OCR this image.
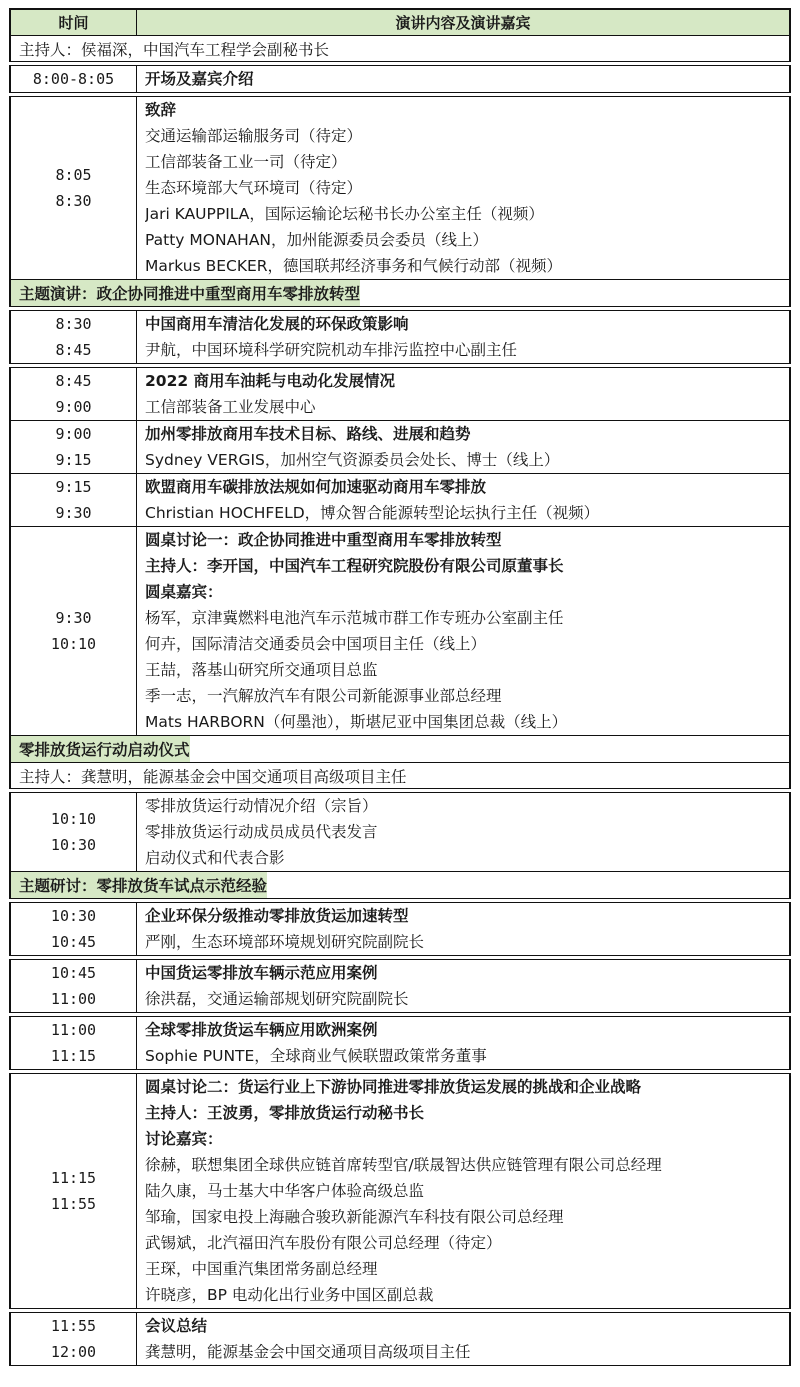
时间	演讲内容及演讲嘉宾
主持人：侯福深，中国汽车工程学会副秘书长
8:00-8:05 开场及嘉宾介绍
8:05
8:30
致辞
交通运输部运输服务司（待定）
工信部装备工业一司（待定）
生态环境部大气环境司（待定）
Jari KAUPPILA，国际运输论坛秘书长办公室主任（视频）
Patty MONAHAN，加州能源委员会委员（线上）
Markus BECKER，德国联邦经济事务和气候行动部（视频）
主题演讲：政企协同推进中重型商用车零排放转型
8:30
8:45
中国商用车清洁化发展的环保政策影响
尹航，中国环境科学研究院机动车排污监控中心副主任
8:45
9:00
2022 商用车油耗与电动化发展情况
工信部装备工业发展中心
9:00
9:15
加州零排放商用车技术目标、路线、进展和趋势
Sydney VERGIS，加州空气资源委员会处长、博士（线上）
9:15
9:30
欧盟商用车碳排放法规如何加速驱动商用车零排放
Christian HOCHFELD，博众智合能源转型论坛执行主任（视频）
9:30
10:10
圆桌讨论一：政企协同推进中重型商用车零排放转型
主持人：李开国，中国汽车工程研究院股份有限公司原董事长
圆桌嘉宾：
杨军，京津冀燃料电池汽车示范城市群工作专班办公室副主任
何卉，国际清洁交通委员会中国项目主任（线上）
王喆，落基山研究所交通项目总监
季一志，一汽解放汽车有限公司新能源事业部总经理
Mats HARBORN（何墨池），斯堪尼亚中国集团总裁（线上）
零排放货运行动启动仪式
主持人：龚慧明，能源基金会中国交通项目高级项目主任
10:10
10:30
零排放货运行动情况介绍（宗旨）
零排放货运行动成员成员代表发言
启动仪式和代表合影
主题研讨：零排放货车试点示范经验
10:30
10:45
企业环保分级推动零排放货运加速转型
严刚，生态环境部环境规划研究院副院长
10:45
11:00
中国货运零排放车辆示范应用案例
徐洪磊，交通运输部规划研究院副院长
11:00
11:15
全球零排放货运车辆应用欧洲案例
Sophie PUNTE，全球商业气候联盟政策常务董事
11:15
11:55
圆桌讨论二：货运行业上下游协同推进零排放货运发展的挑战和企业战略
主持人：王波勇，零排放货运行动秘书长
讨论嘉宾：
徐赫，联想集团全球供应链首席转型官/联晟智达供应链管理有限公司总经理
陆久康，马士基大中华客户体验高级总监
邹瑜，国家电投上海融合骏玖新能源汽车科技有限公司总经理
武锡斌，北汽福田汽车股份有限公司总经理（待定）
王琛，中国重汽集团常务副总经理
许晓彦，BP 电动化出行业务中国区副总裁
11:55
12:00
会议总结
龚慧明，能源基金会中国交通项目高级项目主任
